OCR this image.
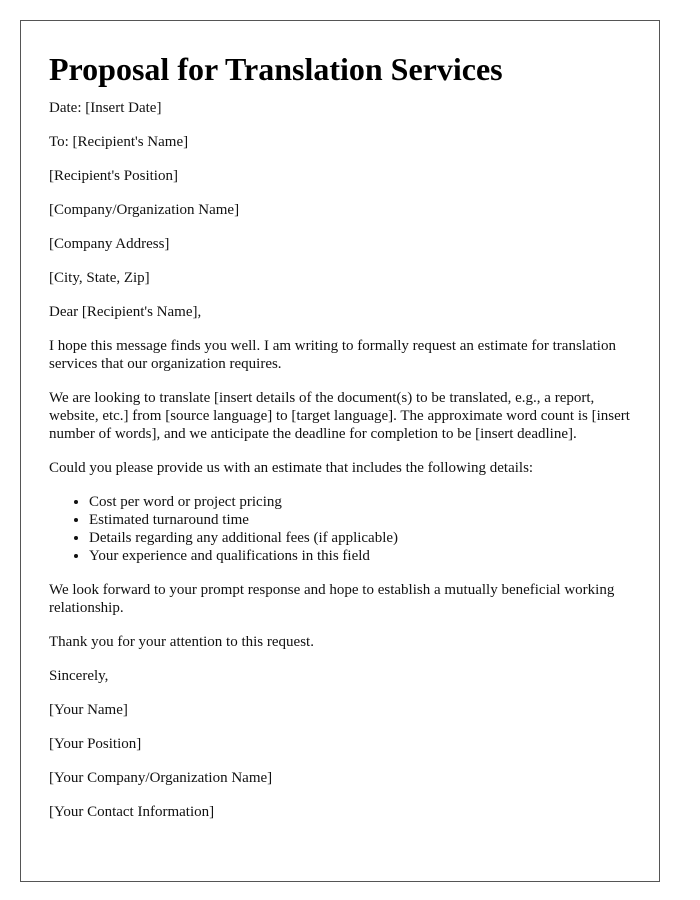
Proposal for Translation Services

Date: [Insert Date]

To: [Recipient's Name]

[Recipient's Position]

[Company/Organization Name]

[Company Address]

[City, State, Zip]

Dear [Recipient's Name],

I hope this message finds you well. I am writing to formally request an estimate for translation services that our organization requires.

We are looking to translate [insert details of the document(s) to be translated, e.g., a report, website, etc.] from [source language] to [target language]. The approximate word count is [insert number of words], and we anticipate the deadline for completion to be [insert deadline].

Could you please provide us with an estimate that includes the following details:

• Cost per word or project pricing
• Estimated turnaround time
• Details regarding any additional fees (if applicable)
• Your experience and qualifications in this field

We look forward to your prompt response and hope to establish a mutually beneficial working relationship.

Thank you for your attention to this request.

Sincerely,

[Your Name]

[Your Position]

[Your Company/Organization Name]

[Your Contact Information]
